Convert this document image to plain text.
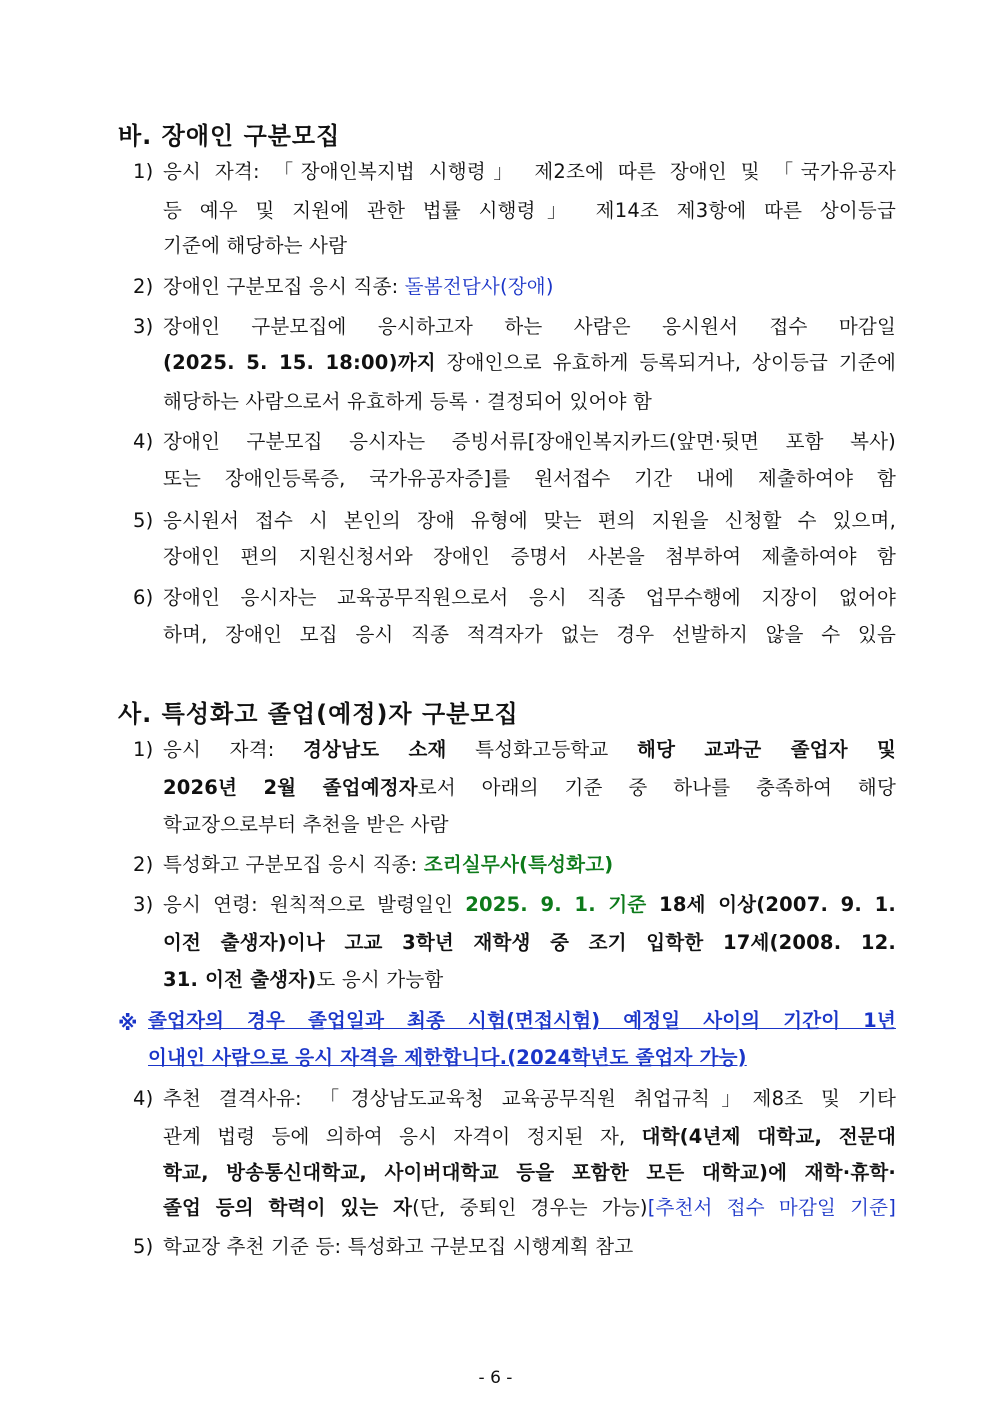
바. 장애인 구분모집
1) 응시 자격: 「장애인복지법 시행령」 제2조에 따른 장애인 및 「국가유공자
등 예우 및 지원에 관한 법률 시행령」 제14조 제3항에 따른 상이등급
기준에 해당하는 사람
2) 장애인 구분모집 응시 직종: 돌봄전담사(장애)
3) 장애인 구분모집에 응시하고자 하는 사람은 응시원서 접수 마감일
(2025. 5. 15. 18:00)까지 장애인으로 유효하게 등록되거나, 상이등급 기준에
해당하는 사람으로서 유효하게 등록 · 결정되어 있어야 함
4) 장애인 구분모집 응시자는 증빙서류[장애인복지카드(앞면·뒷면 포함 복사)
또는 장애인등록증, 국가유공자증]를 원서접수 기간 내에 제출하여야 함
5) 응시원서 접수 시 본인의 장애 유형에 맞는 편의 지원을 신청할 수 있으며,
장애인 편의 지원신청서와 장애인 증명서 사본을 첨부하여 제출하여야 함
6) 장애인 응시자는 교육공무직원으로서 응시 직종 업무수행에 지장이 없어야
하며, 장애인 모집 응시 직종 적격자가 없는 경우 선발하지 않을 수 있음
사. 특성화고 졸업(예정)자 구분모집
1) 응시 자격: 경상남도 소재 특성화고등학교 해당 교과군 졸업자 및
2026년 2월 졸업예정자로서 아래의 기준 중 하나를 충족하여 해당
학교장으로부터 추천을 받은 사람
2) 특성화고 구분모집 응시 직종: 조리실무사(특성화고)
3) 응시 연령: 원칙적으로 발령일인 2025. 9. 1. 기준 18세 이상(2007. 9. 1.
이전 출생자)이나 고교 3학년 재학생 중 조기 입학한 17세(2008. 12.
31. 이전 출생자)도 응시 가능함
※ 졸업자의 경우 졸업일과 최종 시험(면접시험) 예정일 사이의 기간이 1년
이내인 사람으로 응시 자격을 제한합니다.(2024학년도 졸업자 가능)
4) 추천 결격사유: 「경상남도교육청 교육공무직원 취업규칙」제8조 및 기타
관계 법령 등에 의하여 응시 자격이 정지된 자, 대학(4년제 대학교, 전문대
학교, 방송통신대학교, 사이버대학교 등을 포함한 모든 대학교)에 재학·휴학·
졸업 등의 학력이 있는 자(단, 중퇴인 경우는 가능)[추천서 접수 마감일 기준]
5) 학교장 추천 기준 등: 특성화고 구분모집 시행계획 참고
- 6 -
